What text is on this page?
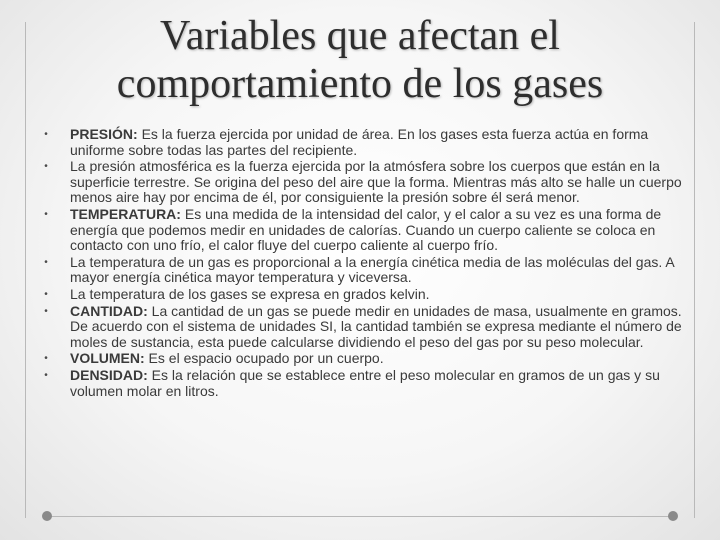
Variables que afectan el
comportamiento de los gases
•	PRESIÓN: Es la fuerza ejercida por unidad de área. En los gases esta fuerza actúa en forma uniforme sobre todas las partes del recipiente.
•	La presión atmosférica es la fuerza ejercida por la atmósfera sobre los cuerpos que están en la superficie terrestre. Se origina del peso del aire que la forma. Mientras más alto se halle un cuerpo menos aire hay por encima de él, por consiguiente la presión sobre él será menor.
•	TEMPERATURA: Es una medida de la intensidad del calor, y el calor a su vez es una forma de energía que podemos medir en unidades de calorías. Cuando un cuerpo caliente se coloca en contacto con uno frío, el calor fluye del cuerpo caliente al cuerpo frío.
•	La temperatura de un gas es proporcional a la energía cinética media de las moléculas del gas. A mayor energía cinética mayor temperatura y viceversa.
•	La temperatura de los gases se expresa en grados kelvin.
•	CANTIDAD: La cantidad de un gas se puede medir en unidades de masa, usualmente en gramos. De acuerdo con el sistema de unidades SI, la cantidad también se expresa mediante el número de moles de sustancia, esta puede calcularse dividiendo el peso del gas por su peso molecular.
•	VOLUMEN: Es el espacio ocupado por un cuerpo.
•	DENSIDAD: Es la relación que se establece entre el peso molecular en gramos de un gas y su volumen molar en litros.
